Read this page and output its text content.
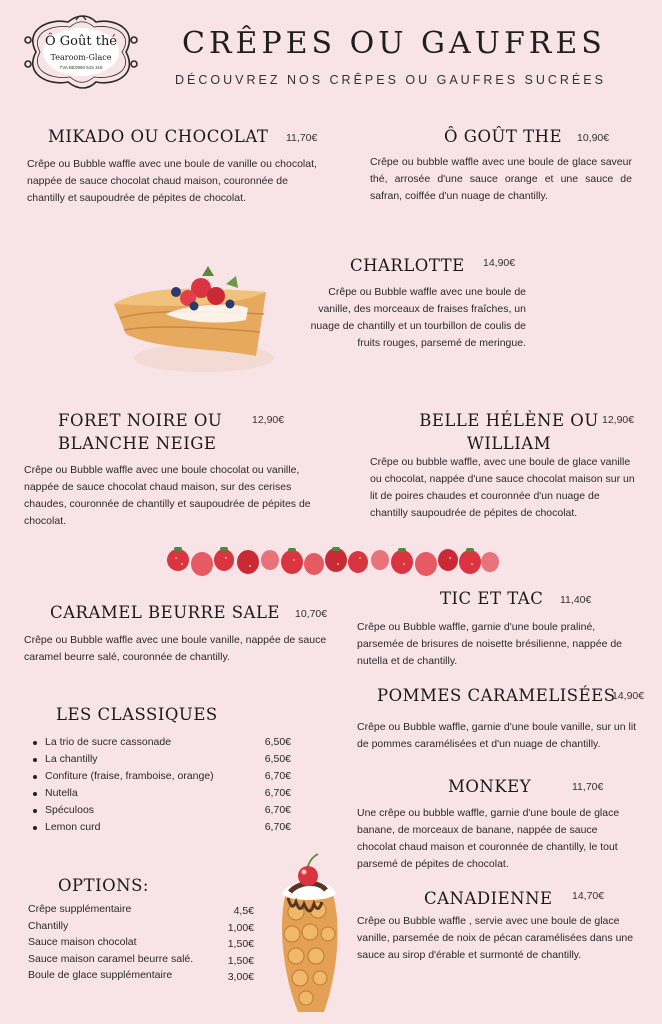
Ô Goût thé
Tearoom-Glace
TVA BE0860 515 318
CRÊPES OU GAUFRES
DÉCOUVREZ NOS CRÊPES OU GAUFRES SUCRÉES
MIKADO OU CHOCOLAT 11,70€
Crêpe ou Bubble waffle avec une boule de vanille ou chocolat, nappée de sauce chocolat chaud maison, couronnée de chantilly et saupoudrée de pépites de chocolat.
Ô GOÛT THE 10,90€
Crêpe ou bubble waffle avec une boule de glace saveur thé, arrosée d'une sauce orange et une sauce de safran, coiffée d'un nuage de chantilly.
CHARLOTTE 14,90€
Crêpe ou Bubble waffle avec une boule de vanille, des morceaux de fraises fraîches, un nuage de chantilly et un tourbillon de coulis de fruits rouges, parsemé de meringue.
FORET NOIRE OU BLANCHE NEIGE
12,90€
Crêpe ou Bubble waffle avec une boule chocolat ou vanille, nappée de sauce chocolat chaud maison, sur des cerises chaudes, couronnée de chantilly et saupoudrée de pépites de chocolat.
BELLE HÉLÈNE OU WILLIAM
12,90€
Crêpe ou bubble waffle, avec une boule de glace vanille ou chocolat, nappée d'une sauce chocolat maison sur un lit de poires chaudes et couronnée d'un nuage de chantilly saupoudrée de pépites de chocolat.
CARAMEL BEURRE SALE 10,70€
Crêpe ou Bubble waffle avec une boule vanille, nappée de sauce caramel beurre salé, couronnée de chantilly.
TIC ET TAC 11,40€
Crêpe ou Bubble waffle, garnie d'une boule praliné, parsemée de brisures de noisette brésilienne, nappée de nutella et de chantilly.
POMMES CARAMELISÉES
14,90€
Crêpe ou Bubble waffle, garnie d'une boule vanille, sur un lit de pommes caramélisées et d'un nuage de chantilly.
MONKEY	11,70€
Une crêpe ou bubble waffle, garnie d'une boule de glace banane, de morceaux de banane, nappée de sauce chocolat chaud maison et couronnée de chantilly, le tout parsemé de pépites de chocolat.
CANADIENNE 14,70€
Crêpe ou Bubble waffle , servie avec une boule de glace vanille, parsemée de noix de pécan caramélisées dans une sauce au sirop d'érable et surmonté de chantilly.
LES CLASSIQUES
La trio de sucre cassonade	6,50€
La chantilly	6,50€
Confiture (fraise, framboise, orange)	6,70€
Nutella	6,70€
Spéculoos	6,70€
Lemon curd	6,70€
OPTIONS:
Crêpe supplémentaire	4,5€
Chantilly	1,00€
Sauce maison chocolat	1,50€
Sauce maison caramel beurre salé.	1,50€
Boule de glace supplémentaire	3,00€
